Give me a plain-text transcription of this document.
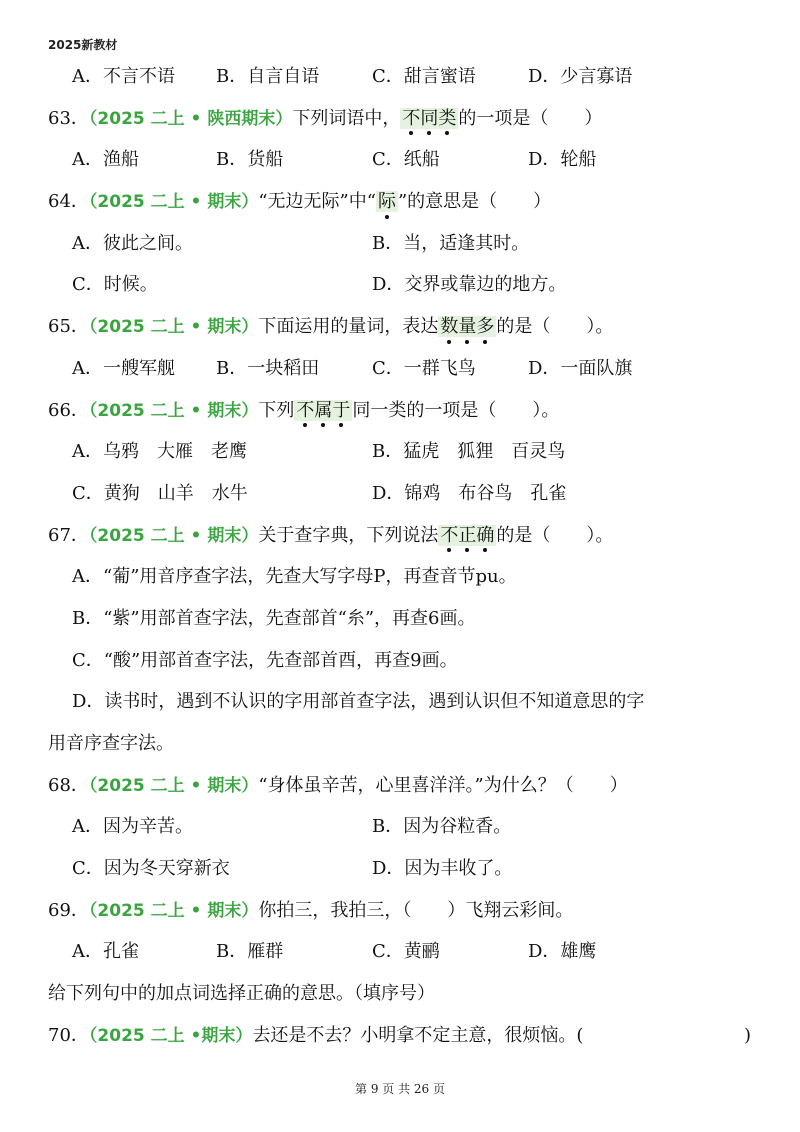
2025新教材
A．不言不语 B．自言自语	C．甜言蜜语	D．少言寡语
63．（2025 二上 • 陕西期末）下列词语中， 不同类 的一项是（　　）
A．渔船	B．货船	C．纸船	D．轮船
64．（2025 二上 • 期末）“无边无际”中“ 际 ”的意思是（　　）
A．彼此之间。	B．当，适逢其时。
C．时候。	D．交界或靠边的地方。
65．（2025 二上 • 期末）下面运用的量词，表达 数量多 的是（　　）。
A．一艘军舰 B．一块稻田	C．一群飞鸟	D．一面队旗
66．（2025 二上 • 期末）下列 不属于 同一类的一项是（　　）。
A．乌鸦　大雁　老鹰	B．猛虎　狐狸　百灵鸟
C．黄狗　山羊　水牛	D．锦鸡　布谷鸟　孔雀
67．（2025 二上 • 期末）关于查字典，下列说法 不正确 的是（　　）。
A．“葡”用音序查字法，先查大写字母P，再查音节pu。
B．“紫”用部首查字法，先查部首“糸”，再查6画。
C．“酸”用部首查字法，先查部首酉，再查9画。
D．读书时，遇到不认识的字用部首查字法，遇到认识但不知道意思的字
用音序查字法。
68．（2025 二上 • 期末）“身体虽辛苦，心里喜洋洋。”为什么？（　　）
A．因为辛苦。	B．因为谷粒香。
C．因为冬天穿新衣	D．因为丰收了。
69．（2025 二上 • 期末）你拍三，我拍三，（　　）飞翔云彩间。
A．孔雀	B．雁群	C．黄鹂	D．雄鹰
给下列句中的加点词选择正确的意思。（填序号）
70．（2025 二上 •期末）去还是不去？小明拿不定主意，很烦恼。(	)
第 9 页 共 26 页
